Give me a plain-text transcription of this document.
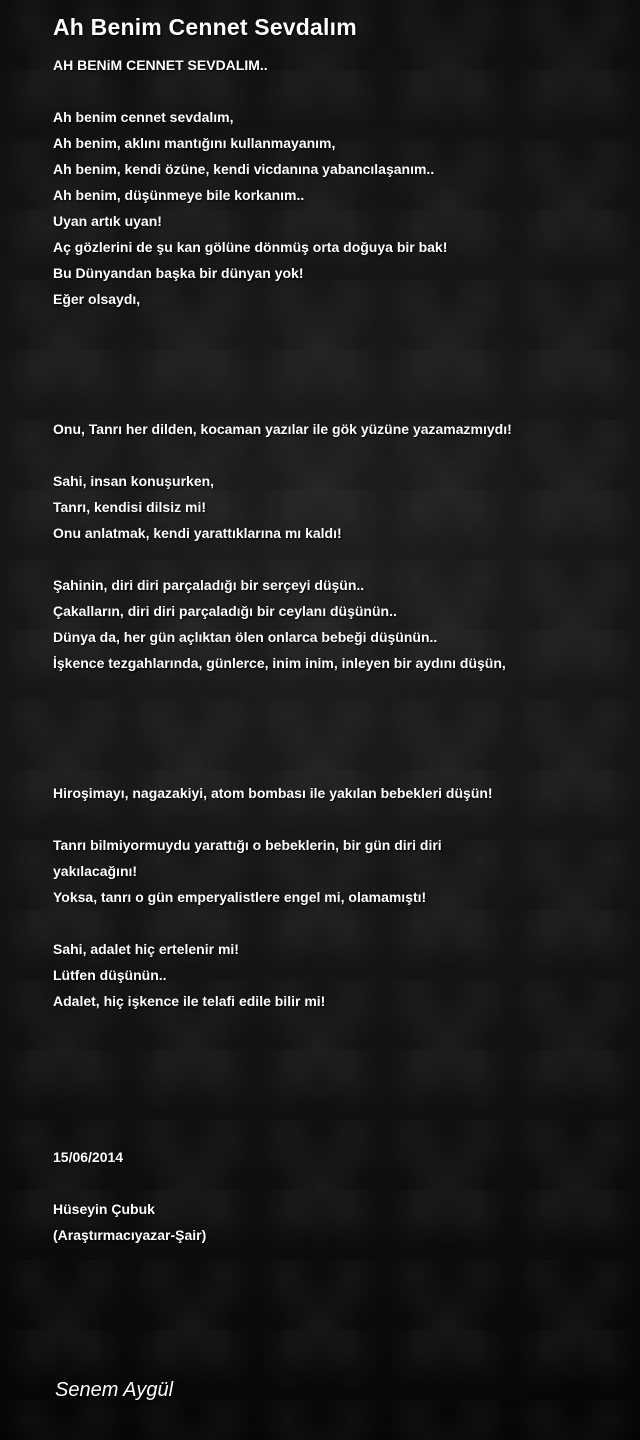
Ah Benim Cennet Sevdalım
AH BENiM CENNET SEVDALIM..
Ah benim cennet sevdalım,
Ah benim, aklını mantığını kullanmayanım,
Ah benim, kendi özüne, kendi vicdanına yabancılaşanım..
Ah benim, düşünmeye bile korkanım..
Uyan artık uyan!
Aç gözlerini de şu kan gölüne dönmüş orta doğuya bir bak!
Bu Dünyandan başka bir dünyan yok!
Eğer olsaydı,
Onu, Tanrı her dilden, kocaman yazılar ile gök yüzüne yazamazmıydı!
Sahi, insan konuşurken,
Tanrı, kendisi dilsiz mi!
Onu anlatmak, kendi yarattıklarına mı kaldı!
Şahinin, diri diri parçaladığı bir serçeyi düşün..
Çakalların, diri diri parçaladığı bir ceylanı düşünün..
Dünya da, her gün açlıktan ölen onlarca bebeği düşünün..
İşkence tezgahlarında, günlerce, inim inim, inleyen bir aydını düşün,
Hiroşimayı, nagazakiyi, atom bombası ile yakılan bebekleri düşün!
Tanrı bilmiyormuydu yarattığı o bebeklerin, bir gün diri diri yakılacağını!
Yoksa, tanrı o gün emperyalistlere engel mi, olamamıştı!
Sahi, adalet hiç ertelenir mi!
Lütfen düşünün..
Adalet, hiç işkence ile telafi edile bilir mi!
15/06/2014
Hüseyin Çubuk
(Araştırmacıyazar-Şair)
Senem Aygül
